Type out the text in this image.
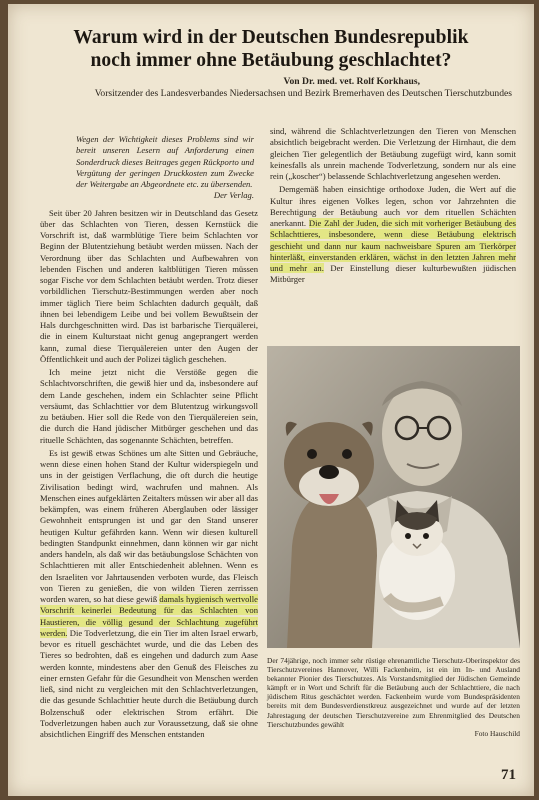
Warum wird in der Deutschen Bundesrepublik
noch immer ohne Betäubung geschlachtet?
Von Dr. med. vet. Rolf Korkhaus,
Vorsitzender des Landesverbandes Niedersachsen und Bezirk Bremerhaven des Deutschen Tierschutzbundes

Wegen der Wichtigkeit dieses Problems sind wir bereit unseren Lesern auf Anforderung einen Sonderdruck dieses Beitrages gegen Rückporto und Vergütung der geringen Druckkosten zum Zwecke der Weitergabe an Abgeordnete etc. zu übersenden.
Der Verlag.

Seit über 20 Jahren besitzen wir in Deutschland das Gesetz über das Schlachten von Tieren, dessen Kernstück die Vorschrift ist, daß warmblütige Tiere beim Schlachten vor Beginn der Blutentziehung betäubt werden müssen. Nach der Verordnung über das Schlachten und Aufbewahren von lebenden Fischen und anderen kaltblütigen Tieren müssen sogar Fische vor dem Schlachten betäubt werden. Trotz dieser vorbildlichen Tierschutz-Bestimmungen werden aber noch immer täglich Tiere beim Schlachten dadurch gequält, daß ihnen bei lebendigem Leibe und bei vollem Bewußtsein der Hals durchgeschnitten wird. Das ist barbarische Tierquälerei, die in einem Kulturstaat nicht genug angeprangert werden kann, zumal diese Tierquälereien unter den Augen der Öffentlichkeit und auch der Polizei täglich geschehen.

Ich meine jetzt nicht die Verstöße gegen die Schlachtvorschriften, die gewiß hier und da, insbesondere auf dem Lande geschehen, indem ein Schlachter seine Pflicht versäumt, das Schlachttier vor dem Blutentzug wirkungsvoll zu betäuben. Hier soll die Rede von den Tierquälereien sein, die durch die Hand jüdischer Mitbürger geschehen und das rituelle Schächten, das sogenannte Schächten, betreffen.

Es ist gewiß etwas Schönes um alte Sitten und Gebräuche, wenn diese einen hohen Stand der Kultur widerspiegeln und uns in der geistigen Verflachung, die oft durch die heutige Zivilisation bedingt wird, wachrufen und mahnen. Als Menschen eines aufgeklärten Zeitalters müssen wir aber all das bekämpfen, was einem früheren Aberglauben oder lässiger Gewohnheit entsprungen ist und gar den Stand unserer heutigen Kultur gefährden kann. Wenn wir diesen kulturell bedingten Standpunkt einnehmen, dann können wir gar nicht anders handeln, als daß wir das betäubungslose Schächten von Schlachttieren mit aller Entschiedenheit ablehnen. Wenn es den Israeliten vor Jahrtausenden verboten wurde, das Fleisch von Tieren zu genießen, die von wilden Tieren zerrissen worden waren, so hat diese gewiß damals hygienisch wertvolle Vorschrift keinerlei Bedeutung für das Schlachten von Haustieren, die völlig gesund der Schlachtung zugeführt werden. Die Todverletzung, die ein Tier im alten Israel erwarb, bevor es rituell geschächtet wurde, und die das Leben des Tieres so bedrohten, daß es eingehen und dadurch zum Aase werden konnte, mindestens aber den Genuß des Fleisches zu einer ernsten Gefahr für die Gesundheit von Menschen werden ließ, sind nicht zu vergleichen mit den Schlachtverletzungen, die das gesunde Schlachttier heute durch die Betäubung durch Bolzenschuß oder elektrischen Strom erfährt. Die Todverletzungen haben auch zur Voraussetzung, daß sie ohne absichtlichen Eingriff des Menschen entstanden

sind, während die Schlachtverletzungen den Tieren von Menschen absichtlich beigebracht werden. Die Verletzung der Hirnhaut, die dem gleichen Tier gelegentlich der Betäubung zugefügt wird, kann somit keinesfalls als unrein machende Todverletzung, sondern nur als eine rein („koscher“) belassende Schlachtverletzung angesehen werden.

Demgemäß haben einsichtige orthodoxe Juden, die Wert auf die Kultur ihres eigenen Volkes legen, schon vor Jahrzehnten die Berechtigung der Betäubung auch vor dem rituellen Schächten anerkannt. Die Zahl der Juden, die sich mit vorheriger Betäubung des Schlachttieres, insbesondere, wenn diese Betäubung elektrisch geschieht und dann nur kaum nachweisbare Spuren am Tierkörper hinterläßt, einverstanden erklären, wächst in den letzten Jahren mehr und mehr an. Der Einstellung dieser kulturbewußten jüdischen Mitbürger

Der 74jährige, noch immer sehr rüstige ehrenamtliche Tierschutz-Oberinspektor des Tierschutzvereines Hannover, Willi Fackenheim, ist ein im In- und Ausland bekannter Pionier des Tierschutzes. Als Vorstandsmitglied der Jüdischen Gemeinde kämpft er in Wort und Schrift für die Betäubung auch der Schlachttiere, die nach jüdischem Ritus geschächtet werden. Fackenheim wurde vom Bundespräsidenten bereits mit dem Bundesverdienstkreuz ausgezeichnet und wurde auf der letzten Jahrestagung der deutschen Tierschutzvereine zum Ehrenmitglied des Deutschen Tierschutzbundes gewählt
Foto Hauschild
71
